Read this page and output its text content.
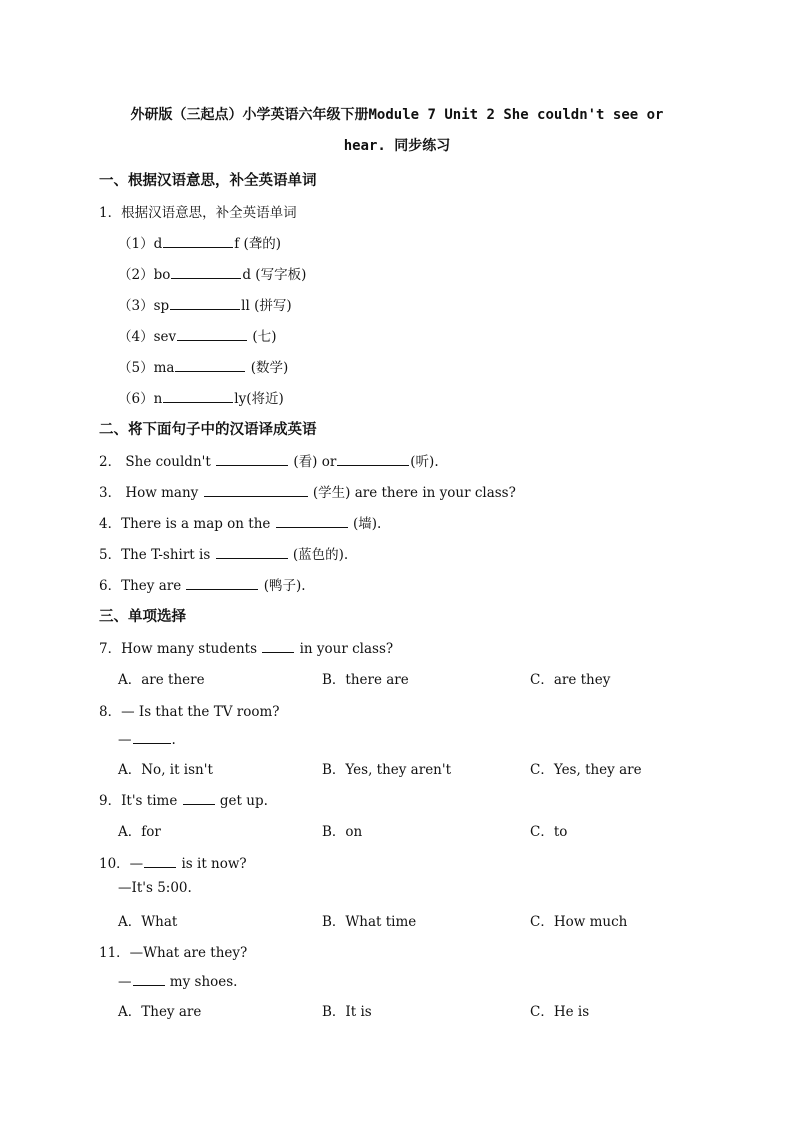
外研版（三起点）小学英语六年级下册Module 7 Unit 2 She couldn't see or
hear. 同步练习
一、根据汉语意思，补全英语单词
1．根据汉语意思，补全英语单词
（1）d	f (聋的)
（2）bo	d (写字板)
（3）sp	ll (拼写)
（4）sev	(七)
（5）ma	(数学)
（6）n	ly(将近)
二、将下面句子中的汉语译成英语
2． She couldn't	(看) or	(听).
3． How many	(学生) are there in your class?
4．There is a map on the	(墙).
5．The T-shirt is	(蓝色的).
6．They are	(鸭子).
三、单项选择
7．How many students	in your class?
A．are there	B．there are	C．are they
8．— Is that the TV room?
—	.
A．No, it isn't	B．Yes, they aren't	C．Yes, they are
9．It's time	get up.
A．for	B．on	C．to
10．—	is it now?
—It's 5:00.
A．What	B．What time	C．How much
11．—What are they?
—	my shoes.
A．They are	B．It is	C．He is
